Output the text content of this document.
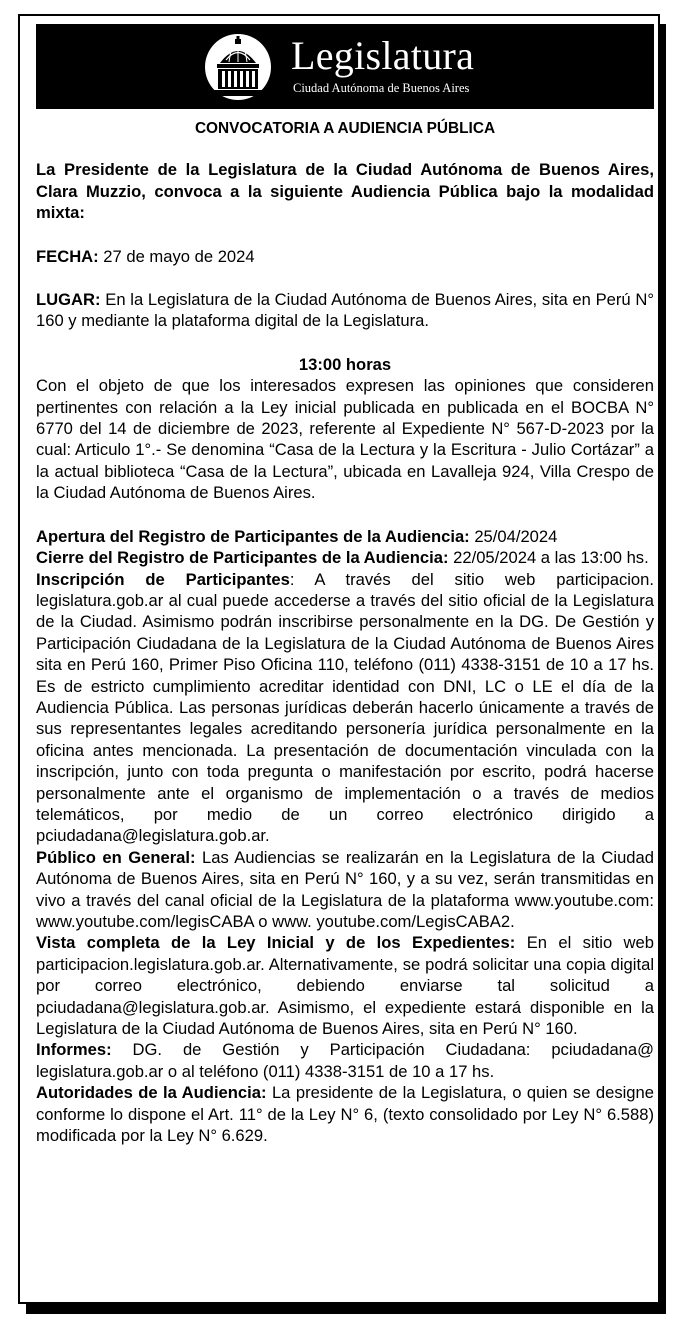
Legislatura
Ciudad Autónoma de Buenos Aires

CONVOCATORIA A AUDIENCIA PÚBLICA

La Presidente de la Legislatura de la Ciudad Autónoma de Buenos Aires, Clara Muzzio, convoca a la siguiente Audiencia Pública bajo la modalidad mixta:

FECHA: 27 de mayo de 2024

LUGAR: En la Legislatura de la Ciudad Autónoma de Buenos Aires, sita en Perú N° 160 y mediante la plataforma digital de la Legislatura.

13:00 horas

Con el objeto de que los interesados expresen las opiniones que consideren pertinentes con relación a la Ley inicial publicada en publicada en el BOCBA N° 6770 del 14 de diciembre de 2023, referente al Expediente N° 567-D-2023 por la cual: Articulo 1°.- Se denomina “Casa de la Lectura y la Escritura - Julio Cortázar” a la actual biblioteca “Casa de la Lectura”, ubicada en Lavalleja 924, Villa Crespo de la Ciudad Autónoma de Buenos Aires.

Apertura del Registro de Participantes de la Audiencia: 25/04/2024

Cierre del Registro de Participantes de la Audiencia: 22/05/2024 a las 13:00 hs.

Inscripción de Participantes: A través del sitio web participacion. legislatura.gob.ar al cual puede accederse a través del sitio oficial de la Legislatura de la Ciudad. Asimismo podrán inscribirse personalmente en la DG. De Gestión y Participación Ciudadana de la Legislatura de la Ciudad Autónoma de Buenos Aires sita en Perú 160, Primer Piso Oficina 110, teléfono (011) 4338-3151 de 10 a 17 hs. Es de estricto cumplimiento acreditar identidad con DNI, LC o LE el día de la Audiencia Pública. Las personas jurídicas deberán hacerlo únicamente a través de sus representantes legales acreditando personería jurídica personalmente en la oficina antes mencionada. La presentación de documentación vinculada con la inscripción, junto con toda pregunta o manifestación por escrito, podrá hacerse personalmente ante el organismo de implementación o a través de medios telemáticos, por medio de un correo electrónico dirigido a pciudadana@legislatura.gob.ar.

Público en General: Las Audiencias se realizarán en la Legislatura de la Ciudad Autónoma de Buenos Aires, sita en Perú N° 160, y a su vez, serán transmitidas en vivo a través del canal oficial de la Legislatura de la plataforma www.youtube.com: www.youtube.com/legisCABA o www. youtube.com/LegisCABA2.

Vista completa de la Ley Inicial y de los Expedientes: En el sitio web participacion.legislatura.gob.ar. Alternativamente, se podrá solicitar una copia digital por correo electrónico, debiendo enviarse tal solicitud a pciudadana@legislatura.gob.ar. Asimismo, el expediente estará disponible en la Legislatura de la Ciudad Autónoma de Buenos Aires, sita en Perú N° 160.

Informes: DG. de Gestión y Participación Ciudadana: pciudadana@ legislatura.gob.ar o al teléfono (011) 4338-3151 de 10 a 17 hs.

Autoridades de la Audiencia: La presidente de la Legislatura, o quien se designe conforme lo dispone el Art. 11° de la Ley N° 6, (texto consolidado por Ley N° 6.588) modificada por la Ley N° 6.629.
